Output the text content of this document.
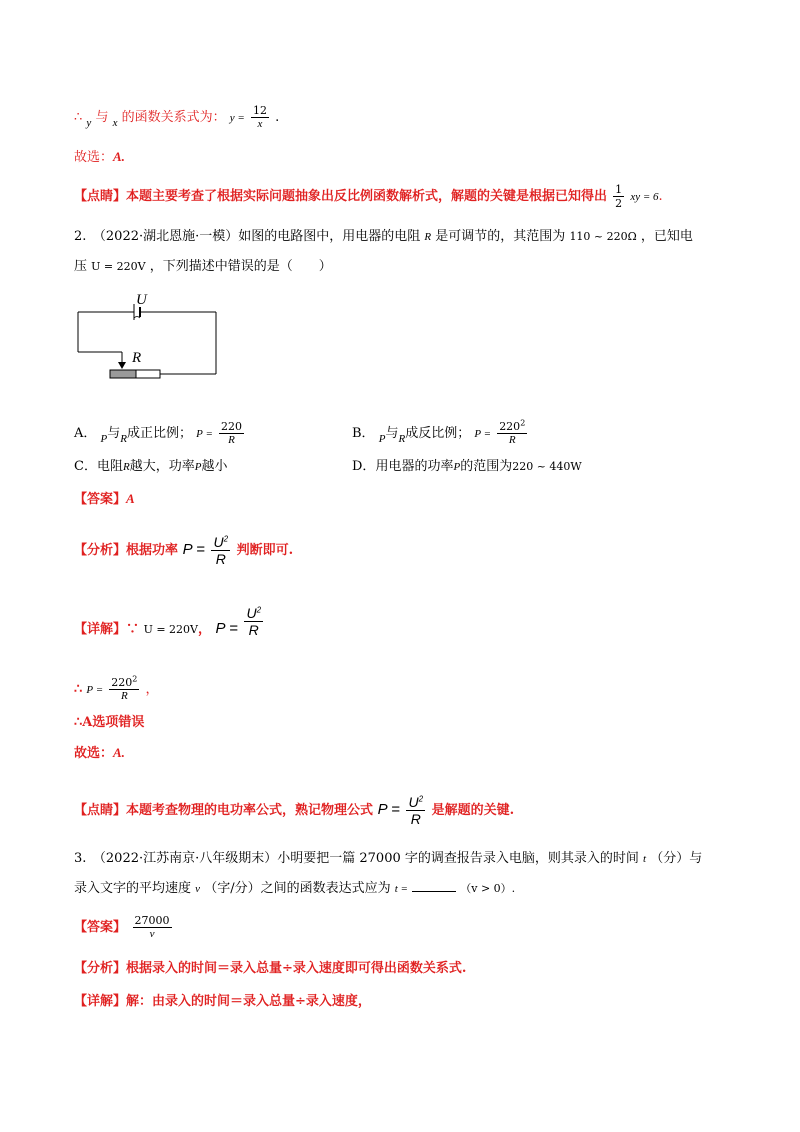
∴ $_y$ 与 $_x$ 的函数关系式为： $y = \frac{12}{x}$ .
故选：A.
【点睛】本题主要考查了根据实际问题抽象出反比例函数解析式，解题的关键是根据已知得出 $\frac{1}{2}$ xy = 6.
2.　（2022·湖北恩施·一模）如图的电路图中，用电器的电阻 R 是可调节的，其范围为 110 ~ 220Ω ，已知电
压 U = 220V ，下列描述中错误的是（　　）
U
R
A． $_P$与$_R$成正比例； $P = \frac{220}{R}$	B． $_P$与$_R$成反比例； $P = \frac{220^2}{R}$
C．电阻R越大，功率P越小	D．用电器的功率P的范围为220 ~ 440W
【答案】A
【分析】根据功率 $P = \frac{U^2}{R}$ 判断即可.
【详解】∵ U = 220V， $P = \frac{U^2}{R}$
∴ $P = \frac{220^2}{R}$ ，
∴A选项错误
故选：A.
【点睛】本题考查物理的电功率公式，熟记物理公式 $P = \frac{U^2}{R}$ 是解题的关键.
3.　（2022·江苏南京·八年级期末）小明要把一篇 27000 字的调查报告录入电脑，则其录入的时间 t （分）与
录入文字的平均速度 v （字/分）之间的函数表达式应为 t =	（v > 0）.
【答案】 $\frac{27000}{v}$
【分析】根据录入的时间＝录入总量÷录入速度即可得出函数关系式.
【详解】解：由录入的时间＝录入总量÷录入速度，
